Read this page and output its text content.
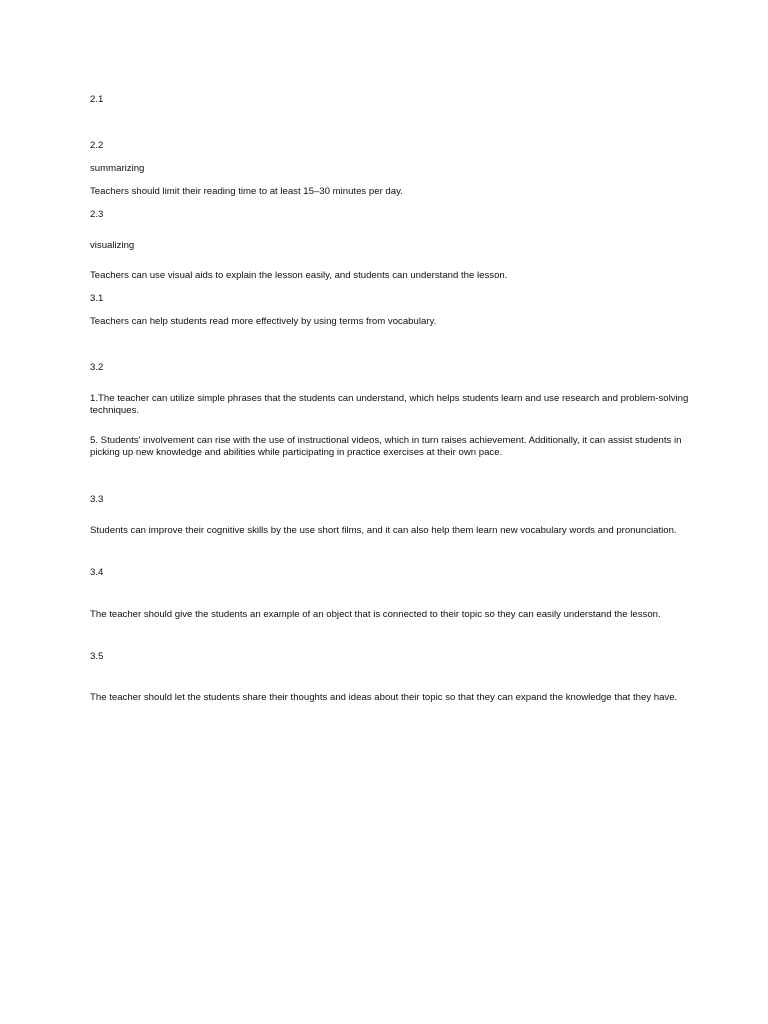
2.1

2.2

summarizing

Teachers should limit their reading time to at least 15–30 minutes per day.

2.3

visualizing

Teachers can use visual aids to explain the lesson easily, and students can understand the lesson.

3.1

Teachers can help students read more effectively by using terms from vocabulary.

3.2

1.The teacher can utilize simple phrases that the students can understand, which helps students learn and use research and problem-solving techniques.

5. Students' involvement can rise with the use of instructional videos, which in turn raises achievement. Additionally, it can assist students in picking up new knowledge and abilities while participating in practice exercises at their own pace.

3.3

Students can improve their cognitive skills by the use short films, and it can also help them learn new vocabulary words and pronunciation.

3.4

The teacher should give the students an example of an object that is connected to their topic so they can easily understand the lesson.

3.5

The teacher should let the students share their thoughts and ideas about their topic so that they can expand the knowledge that they have.
